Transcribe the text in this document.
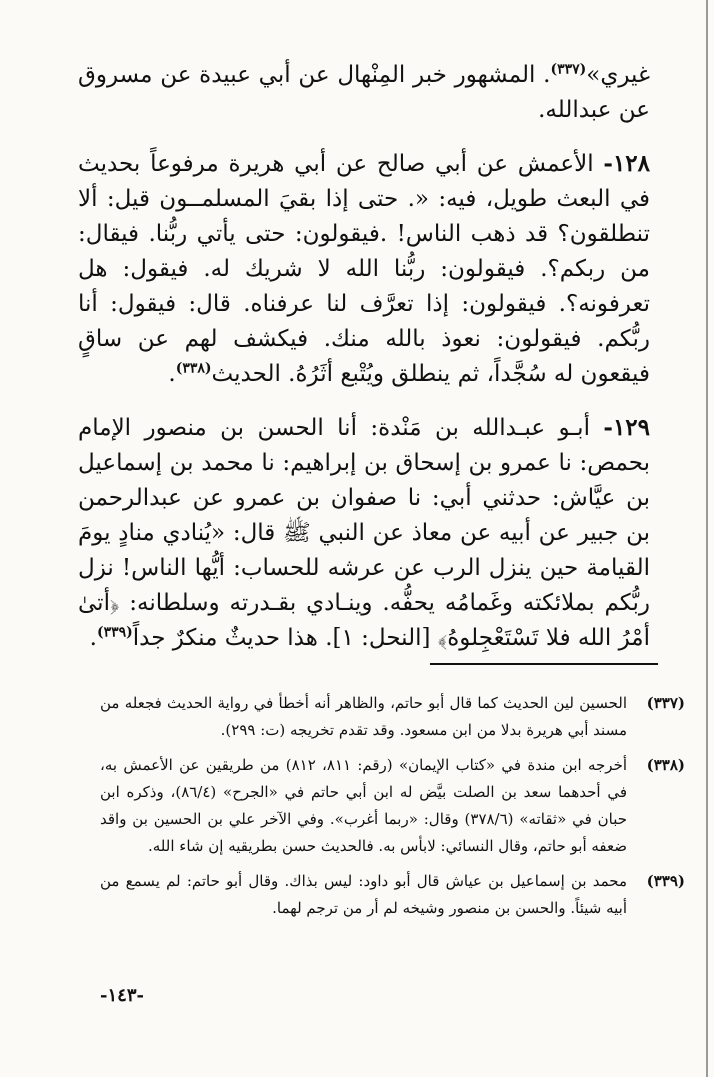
غيري»$^{(٣٣٧)}$. المشهور خبر المِنْهال عن أبي عبيدة عن مسروق عن عبدالله.

١٢٨- الأعمش عن أبي صالح عن أبي هريرة مرفوعاً بحديث في البعث طويل، فيه: «. حتى إذا بقيَ المسلمــون قيل: ألا تنطلقون؟ قد ذهب الناس! .فيقولون: حتى يأتي ربُّنا. فيقال: من ربكم؟. فيقولون: ربُّنا الله لا شريك له. فيقول: هل تعرفونه؟. فيقولون: إذا تعرَّف لنا عرفناه. قال: فيقول: أنا ربُّكم. فيقولون: نعوذ بالله منك. فيكشف لهم عن ساقٍ فيقعون له سُجَّداً، ثم ينطلق ويُتْبع أثَرُهُ. الحديث$^{(٣٣٨)}$.

١٢٩- أبـو عبـدالله بن مَنْدة: أنا الحسن بن منصور الإمام بحمص: نا عمرو بن إسحاق بن إبراهيم: نا محمد بن إسماعيل بن عيَّاش: حدثني أبي: نا صفوان بن عمرو عن عبدالرحمن بن جبير عن أبيه عن معاذ عن النبي ﷺ قال: «يُنادي منادٍ يومَ القيامة حين ينزل الرب عن عرشه للحساب: أيُّها الناس! نزل ربُّكم بملائكته وغَمامُه يحفُّه. وينـادي بقـدرته وسلطانه: ﴿أتىٰ أمْرُ الله فلا تَسْتَعْجِلوهُ﴾ [النحل: ١]. هذا حديثٌ منكرٌ جداً$^{(٣٣٩)}$.

(٣٣٧)
الحسين لين الحديث كما قال أبو حاتم، والظاهر أنه أخطأ في رواية الحديث فجعله من مسند أبي هريرة بدلا من ابن مسعود. وقد تقدم تخريجه (ت: ٢٩٩).
(٣٣٨)
أخرجه ابن مندة في «كتاب الإيمان» (رقم: ٨١١، ٨١٢) من طريقين عن الأعمش به، في أحدهما سعد بن الصلت بيَّض له ابن أبي حاتم في «الجرح» (٨٦/٤)، وذكره ابن حبان في «ثقاته» (٣٧٨/٦) وقال: «ربما أغرب». وفي الآخر علي بن الحسين بن واقد ضعفه أبو حاتم، وقال النسائي: لابأس به. فالحديث حسن بطريقيه إن شاء الله.
(٣٣٩)
محمد بن إسماعيل بن عياش قال أبو داود: ليس بذاك. وقال أبو حاتم: لم يسمع من أبيه شيئاً. والحسن بن منصور وشيخه لم أر من ترجم لهما.
-١٤٣-
